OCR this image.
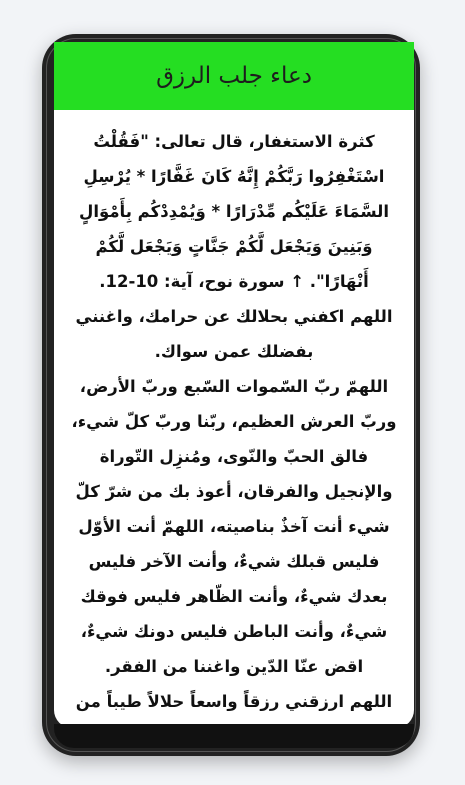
دعاء جلب الرزق

كثرة الاستغفار، قال تعالى: "فَقُلْتُ اسْتَغْفِرُوا رَبَّكُمْ إِنَّهُ كَانَ غَفَّارًا * يُرْسِلِ السَّمَاءَ عَلَيْكُم مِّدْرَارًا * وَيُمْدِدْكُم بِأَمْوَالٍ وَبَنِينَ وَيَجْعَل لَّكُمْ جَنَّاتٍ وَيَجْعَل لَّكُمْ أَنْهَارًا". ↑ سورة نوح، آية: 10-12.

اللهم اكفني بحلالك عن حرامك، واغنني بفضلك عمن سواك.

اللهمّ ربّ السّموات السّبع وربّ الأرض، وربّ العرش العظيم، ربّنا وربّ كلّ شيء، فالق الحبّ والنّوى، ومُنزِل التّوراة والإنجيل والفرقان، أعوذ بك من شرّ كلّ شيء أنت آخذٌ بناصيته، اللهمّ أنت الأوّل فليس قبلك شيءٌ، وأنت الآخر فليس بعدك شيءٌ، وأنت الظّاهر فليس فوقك شيءٌ، وأنت الباطن فليس دونك شيءٌ، اقض عنّا الدّين واغننا من الفقر.

اللهم ارزقني رزقاً واسعاً حلالاً طيباً من
